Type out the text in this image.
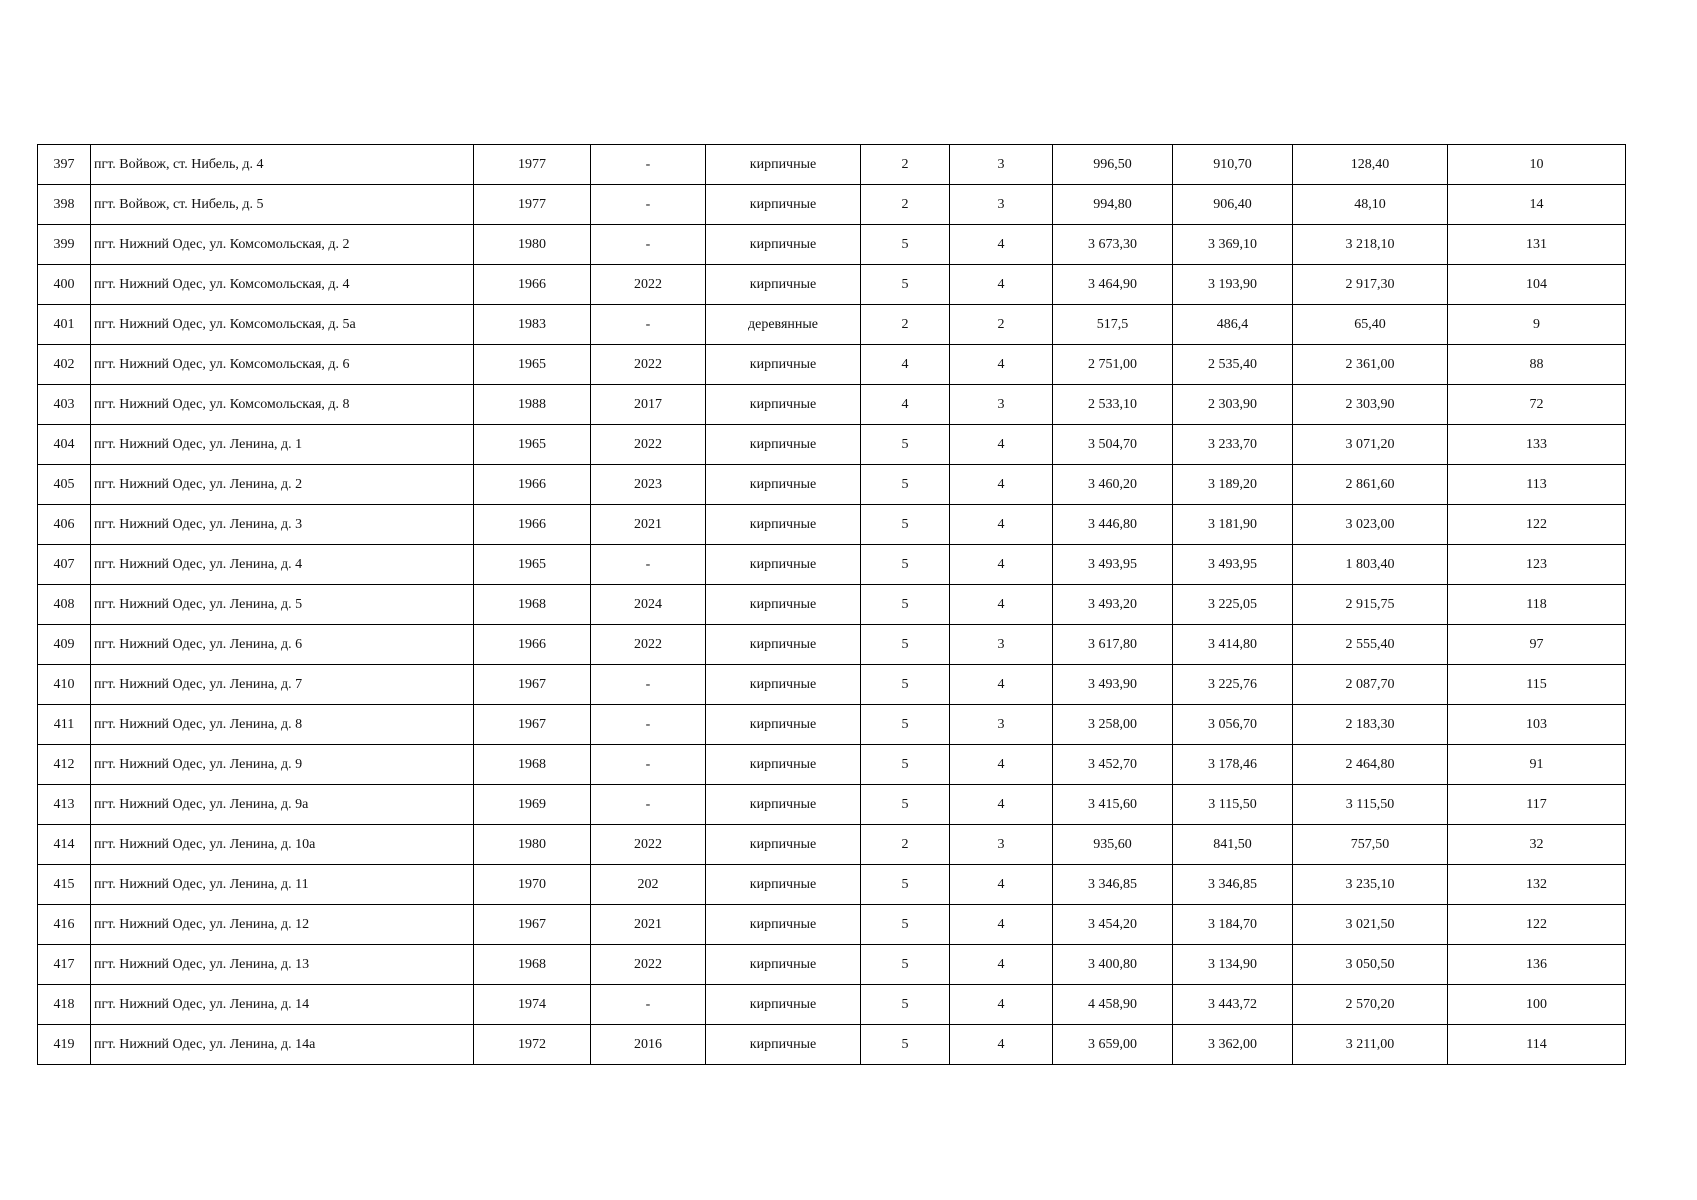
397	пгт. Войвож, ст. Нибель, д. 4	1977	-	кирпичные	2	3	996,50	910,70	128,40	10
398	пгт. Войвож, ст. Нибель, д. 5	1977	-	кирпичные	2	3	994,80	906,40	48,10	14
399	пгт. Нижний Одес, ул. Комсомольская, д. 2	1980	-	кирпичные	5	4	3 673,30	3 369,10	3 218,10	131
400	пгт. Нижний Одес, ул. Комсомольская, д. 4	1966	2022	кирпичные	5	4	3 464,90	3 193,90	2 917,30	104
401	пгт. Нижний Одес, ул. Комсомольская, д. 5а	1983	-	деревянные	2	2	517,5	486,4	65,40	9
402	пгт. Нижний Одес, ул. Комсомольская, д. 6	1965	2022	кирпичные	4	4	2 751,00	2 535,40	2 361,00	88
403	пгт. Нижний Одес, ул. Комсомольская, д. 8	1988	2017	кирпичные	4	3	2 533,10	2 303,90	2 303,90	72
404	пгт. Нижний Одес, ул. Ленина, д. 1	1965	2022	кирпичные	5	4	3 504,70	3 233,70	3 071,20	133
405	пгт. Нижний Одес, ул. Ленина, д. 2	1966	2023	кирпичные	5	4	3 460,20	3 189,20	2 861,60	113
406	пгт. Нижний Одес, ул. Ленина, д. 3	1966	2021	кирпичные	5	4	3 446,80	3 181,90	3 023,00	122
407	пгт. Нижний Одес, ул. Ленина, д. 4	1965	-	кирпичные	5	4	3 493,95	3 493,95	1 803,40	123
408	пгт. Нижний Одес, ул. Ленина, д. 5	1968	2024	кирпичные	5	4	3 493,20	3 225,05	2 915,75	118
409	пгт. Нижний Одес, ул. Ленина, д. 6	1966	2022	кирпичные	5	3	3 617,80	3 414,80	2 555,40	97
410	пгт. Нижний Одес, ул. Ленина, д. 7	1967	-	кирпичные	5	4	3 493,90	3 225,76	2 087,70	115
411	пгт. Нижний Одес, ул. Ленина, д. 8	1967	-	кирпичные	5	3	3 258,00	3 056,70	2 183,30	103
412	пгт. Нижний Одес, ул. Ленина, д. 9	1968	-	кирпичные	5	4	3 452,70	3 178,46	2 464,80	91
413	пгт. Нижний Одес, ул. Ленина, д. 9а	1969	-	кирпичные	5	4	3 415,60	3 115,50	3 115,50	117
414	пгт. Нижний Одес, ул. Ленина, д. 10а	1980	2022	кирпичные	2	3	935,60	841,50	757,50	32
415	пгт. Нижний Одес, ул. Ленина, д. 11	1970	202	кирпичные	5	4	3 346,85	3 346,85	3 235,10	132
416	пгт. Нижний Одес, ул. Ленина, д. 12	1967	2021	кирпичные	5	4	3 454,20	3 184,70	3 021,50	122
417	пгт. Нижний Одес, ул. Ленина, д. 13	1968	2022	кирпичные	5	4	3 400,80	3 134,90	3 050,50	136
418	пгт. Нижний Одес, ул. Ленина, д. 14	1974	-	кирпичные	5	4	4 458,90	3 443,72	2 570,20	100
419	пгт. Нижний Одес, ул. Ленина, д. 14а	1972	2016	кирпичные	5	4	3 659,00	3 362,00	3 211,00	114
